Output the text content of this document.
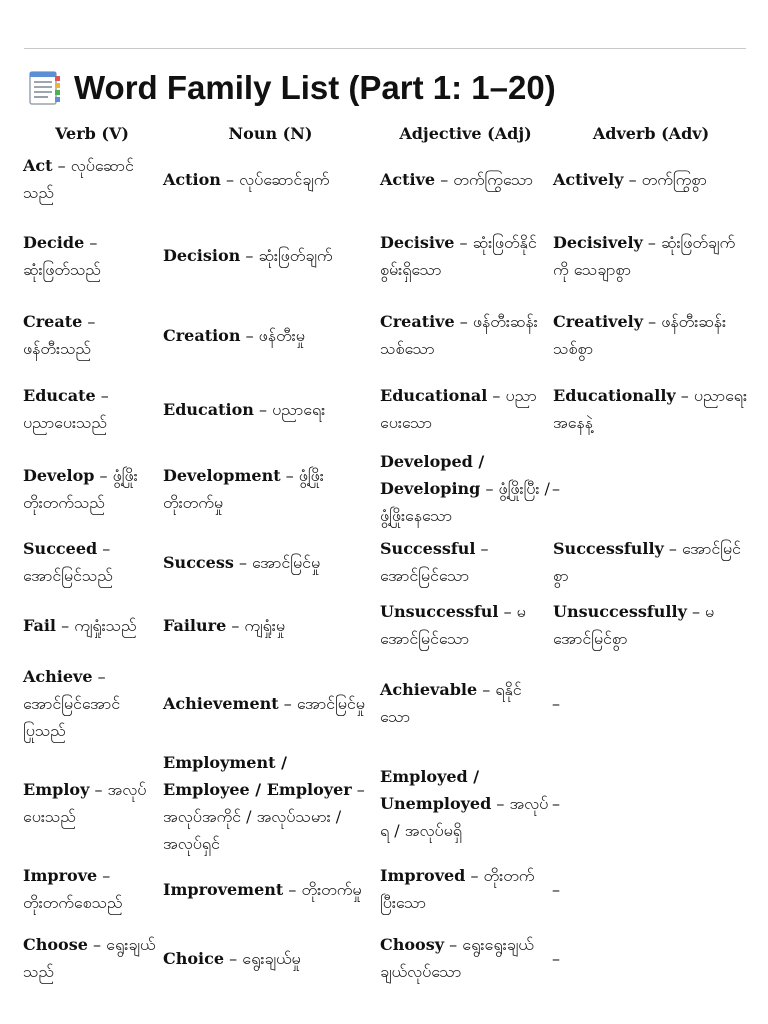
Word Family List (Part 1: 1–20)
Verb (V)	Noun (N)	Adjective (Adj)	Adverb (Adv)
Act – လုပ်ဆောင်သည်	Action – လုပ်ဆောင်ချက်	Active – တက်ကြွသော	Actively – တက်ကြွစွာ
Decide – ဆုံးဖြတ်သည်	Decision – ဆုံးဖြတ်ချက်	Decisive – ဆုံးဖြတ်နိုင်စွမ်းရှိသော	Decisively – ဆုံးဖြတ်ချက်ကို သေချာစွာ
Create – ဖန်တီးသည်	Creation – ဖန်တီးမှု	Creative – ဖန်တီးဆန်းသစ်သော	Creatively – ဖန်တီးဆန်းသစ်စွာ
Educate – ပညာပေးသည်	Education – ပညာရေး	Educational – ပညာပေးသော	Educationally – ပညာရေးအနေနဲ့
Develop – ဖွံ့ဖြိုးတိုးတက်သည်	Development – ဖွံ့ဖြိုးတိုးတက်မှု	Developed / Developing – ဖွံ့ဖြိုးပြီး / ဖွံ့ဖြိုးနေသော	–
Succeed – အောင်မြင်သည်	Success – အောင်မြင်မှု	Successful – အောင်မြင်သော	Successfully – အောင်မြင်စွာ
Fail – ကျရှုံးသည်	Failure – ကျရှုံးမှု	Unsuccessful – မအောင်မြင်သော	Unsuccessfully – မအောင်မြင်စွာ
Achieve – အောင်မြင်အောင်ပြုသည်	Achievement – အောင်မြင်မှု	Achievable – ရနိုင်သော	–
Employ – အလုပ်ပေးသည်	Employment / Employee / Employer – အလုပ်အကိုင် / အလုပ်သမား / အလုပ်ရှင်	Employed / Unemployed – အလုပ်ရ / အလုပ်မရှိ	–
Improve – တိုးတက်စေသည်	Improvement – တိုးတက်မှု	Improved – တိုးတက်ပြီးသော	–
Choose – ရွေးချယ်သည်	Choice – ရွေးချယ်မှု	Choosy – ရွေးရွေးချယ်ချယ်လုပ်သော	–
